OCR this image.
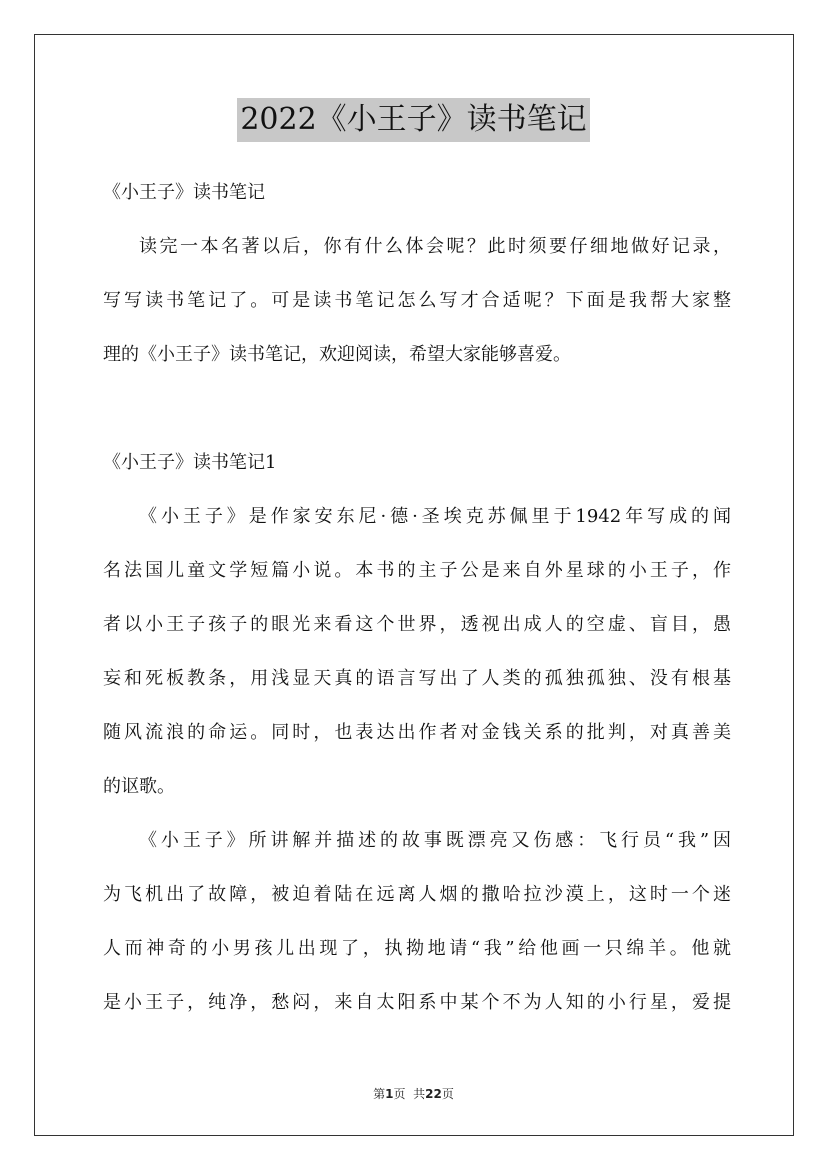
2022《小王子》读书笔记
《小王子》读书笔记
读完一本名著以后，你有什么体会呢？此时须要仔细地做好记录，
写写读书笔记了。可是读书笔记怎么写才合适呢？下面是我帮大家整
理的《小王子》读书笔记，欢迎阅读，希望大家能够喜爱。
《小王子》读书笔记1
《小王子》是作家安东尼·德·圣埃克苏佩里于1942年写成的闻
名法国儿童文学短篇小说。本书的主子公是来自外星球的小王子，作
者以小王子孩子的眼光来看这个世界，透视出成人的空虚、盲目，愚
妄和死板教条，用浅显天真的语言写出了人类的孤独孤独、没有根基
随风流浪的命运。同时，也表达出作者对金钱关系的批判，对真善美
的讴歌。
《小王子》所讲解并描述的故事既漂亮又伤感：飞行员“我”因
为飞机出了故障，被迫着陆在远离人烟的撒哈拉沙漠上，这时一个迷
人而神奇的小男孩儿出现了，执拗地请“我”给他画一只绵羊。他就
是小王子，纯净，愁闷，来自太阳系中某个不为人知的小行星，爱提
第1页 共22页
